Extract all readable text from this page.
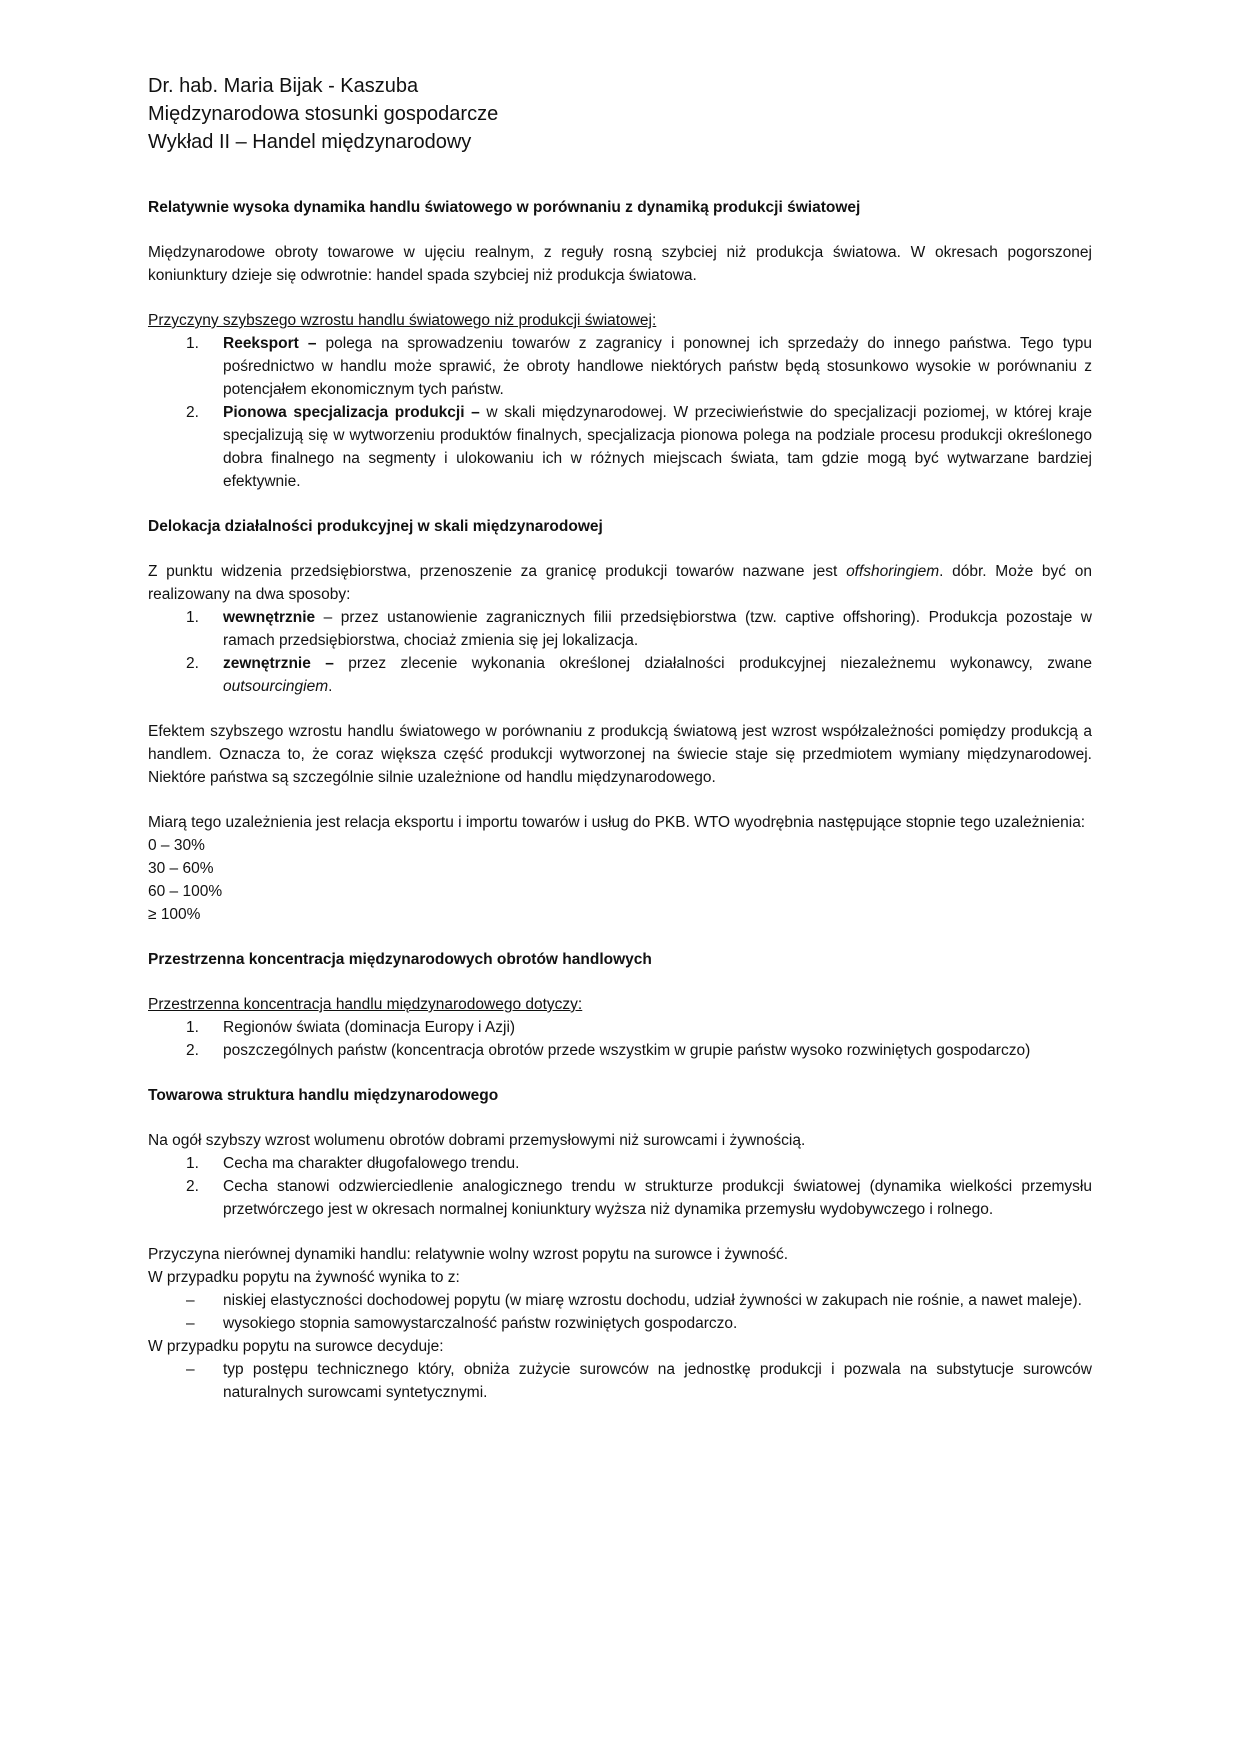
Dr. hab. Maria Bijak - Kaszuba
Międzynarodowa stosunki gospodarcze
Wykład II – Handel międzynarodowy
Relatywnie wysoka dynamika handlu światowego w porównaniu z dynamiką produkcji światowej

Międzynarodowe obroty towarowe w ujęciu realnym, z reguły rosną szybciej niż produkcja światowa. W okresach pogorszonej koniunktury dzieje się odwrotnie: handel spada szybciej niż produkcja światowa.

Przyczyny szybszego wzrostu handlu światowego niż produkcji światowej:
1. Reeksport – polega na sprowadzeniu towarów z zagranicy i ponownej ich sprzedaży do innego państwa. Tego typu pośrednictwo w handlu może sprawić, że obroty handlowe niektórych państw będą stosunkowo wysokie w porównaniu z potencjałem ekonomicznym tych państw.
2. Pionowa specjalizacja produkcji – w skali międzynarodowej. W przeciwieństwie do specjalizacji poziomej, w której kraje specjalizują się w wytworzeniu produktów finalnych, specjalizacja pionowa polega na podziale procesu produkcji określonego dobra finalnego na segmenty i ulokowaniu ich w różnych miejscach świata, tam gdzie mogą być wytwarzane bardziej efektywnie.
Delokacja działalności produkcyjnej w skali międzynarodowej

Z punktu widzenia przedsiębiorstwa, przenoszenie za granicę produkcji towarów nazwane jest offshoringiem. dóbr. Może być on realizowany na dwa sposoby:

1. wewnętrznie – przez ustanowienie zagranicznych filii przedsiębiorstwa (tzw. captive offshoring). Produkcja pozostaje w ramach przedsiębiorstwa, chociaż zmienia się jej lokalizacja.
2. zewnętrznie – przez zlecenie wykonania określonej działalności produkcyjnej niezależnemu wykonawcy, zwane outsourcingiem.

Efektem szybszego wzrostu handlu światowego w porównaniu z produkcją światową jest wzrost współzależności pomiędzy produkcją a handlem. Oznacza to, że coraz większa część produkcji wytworzonej na świecie staje się przedmiotem wymiany międzynarodowej. Niektóre państwa są szczególnie silnie uzależnione od handlu międzynarodowego.

Miarą tego uzależnienia jest relacja eksportu i importu towarów i usług do PKB. WTO wyodrębnia następujące stopnie tego uzależnienia:

0 – 30%
30 – 60%
60 – 100%
≥ 100%
Przestrzenna koncentracja międzynarodowych obrotów handlowych
Przestrzenna koncentracja handlu międzynarodowego dotyczy:
1. Regionów świata (dominacja Europy i Azji)
2. poszczególnych państw (koncentracja obrotów przede wszystkim w grupie państw wysoko rozwiniętych gospodarczo)
Towarowa struktura handlu międzynarodowego

Na ogół szybszy wzrost wolumenu obrotów dobrami przemysłowymi niż surowcami i żywnością.

1. Cecha ma charakter długofalowego trendu.
2. Cecha stanowi odzwierciedlenie analogicznego trendu w strukturze produkcji światowej (dynamika wielkości przemysłu przetwórczego jest w okresach normalnej koniunktury wyższa niż dynamika przemysłu wydobywczego i rolnego.
Przyczyna nierównej dynamiki handlu: relatywnie wolny wzrost popytu na surowce i żywność.
W przypadku popytu na żywność wynika to z:
– niskiej elastyczności dochodowej popytu (w miarę wzrostu dochodu, udział żywności w zakupach nie rośnie, a nawet maleje).
– wysokiego stopnia samowystarczalność państw rozwiniętych gospodarczo.
W przypadku popytu na surowce decyduje:
– typ postępu technicznego który, obniża zużycie surowców na jednostkę produkcji i pozwala na substytucje surowców naturalnych surowcami syntetycznymi.
